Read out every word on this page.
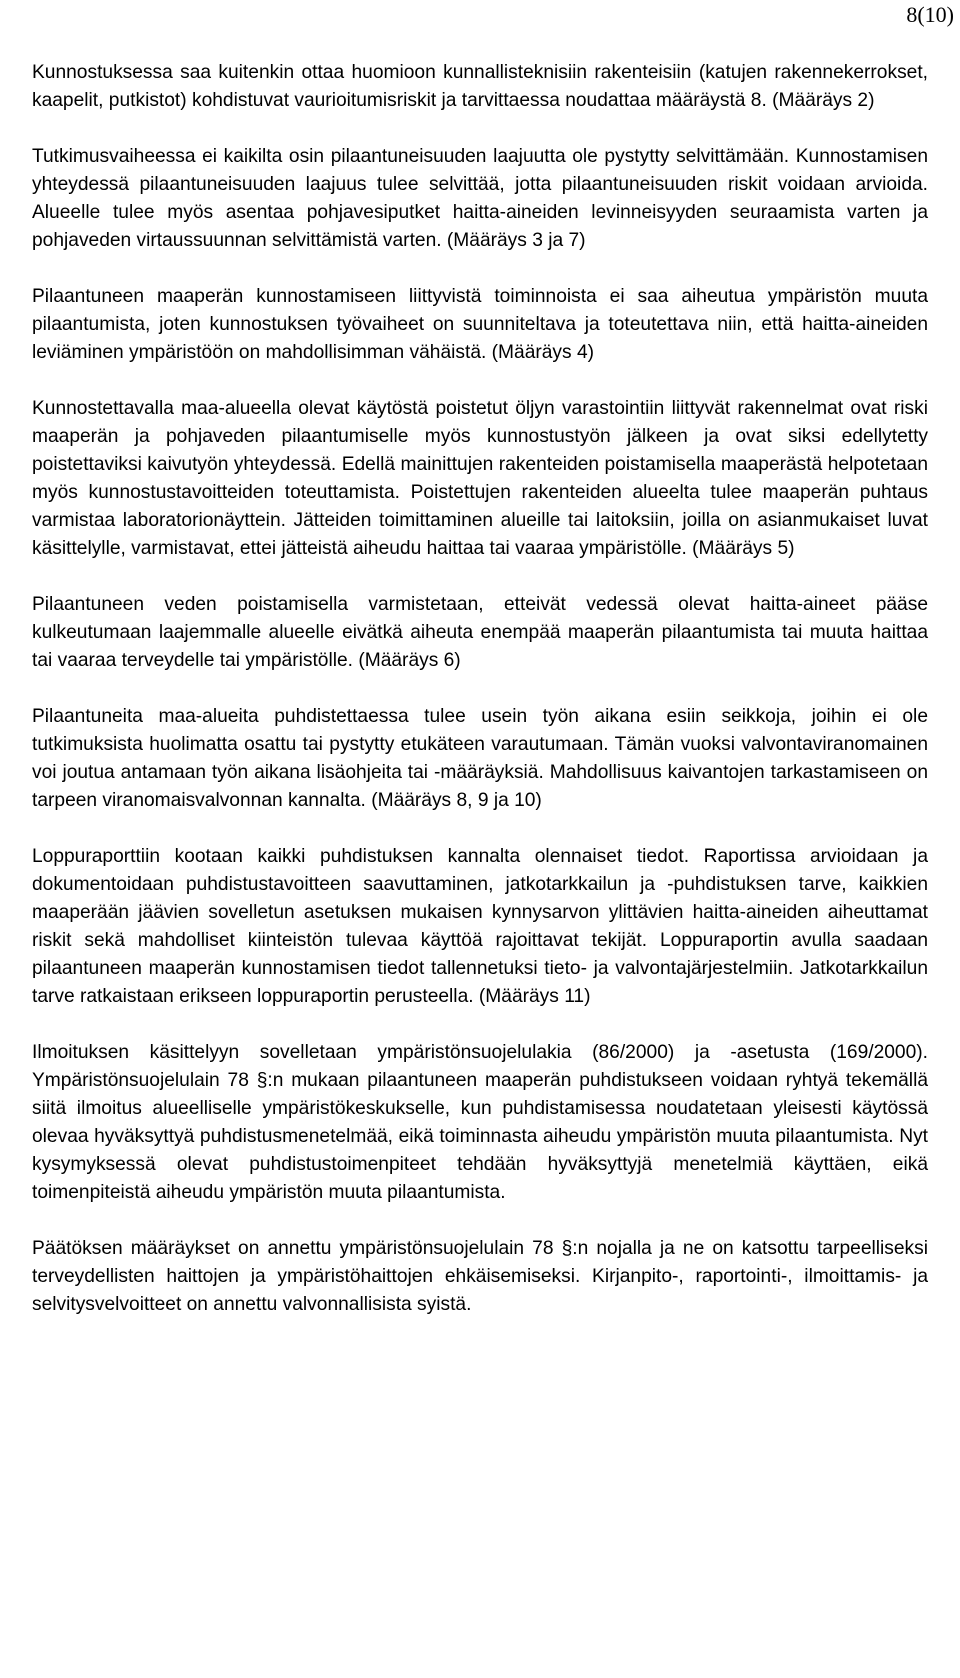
8(10)

Kunnostuksessa saa kuitenkin ottaa huomioon kunnallisteknisiin rakenteisiin (katujen rakennekerrokset, kaapelit, putkistot) kohdistuvat vaurioitumisriskit ja tarvittaessa noudattaa määräystä 8. (Määräys 2)

Tutkimusvaiheessa ei kaikilta osin pilaantuneisuuden laajuutta ole pystytty selvittämään. Kunnostamisen yhteydessä pilaantuneisuuden laajuus tulee selvittää, jotta pilaantuneisuuden riskit voidaan arvioida. Alueelle tulee myös asentaa pohjavesiputket haitta-aineiden levinneisyyden seuraamista varten ja pohjaveden virtaussuunnan selvittämistä varten. (Määräys 3 ja 7)

Pilaantuneen maaperän kunnostamiseen liittyvistä toiminnoista ei saa aiheutua ympäristön muuta pilaantumista, joten kunnostuksen työvaiheet on suunniteltava ja toteutettava niin, että haitta-aineiden leviäminen ympäristöön on mahdollisimman vähäistä. (Määräys 4)

Kunnostettavalla maa-alueella olevat käytöstä poistetut öljyn varastointiin liittyvät rakennelmat ovat riski maaperän ja pohjaveden pilaantumiselle myös kunnostustyön jälkeen ja ovat siksi edellytetty poistettaviksi kaivutyön yhteydessä. Edellä mainittujen rakenteiden poistamisella maaperästä helpotetaan myös kunnostustavoitteiden toteuttamista. Poistettujen rakenteiden alueelta tulee maaperän puhtaus varmistaa laboratorionäyttein. Jätteiden toimittaminen alueille tai laitoksiin, joilla on asianmukaiset luvat käsittelylle, varmistavat, ettei jätteistä aiheudu haittaa tai vaaraa ympäristölle. (Määräys 5)

Pilaantuneen veden poistamisella varmistetaan, etteivät vedessä olevat haitta-aineet pääse kulkeutumaan laajemmalle alueelle eivätkä aiheuta enempää maaperän pilaantumista tai muuta haittaa tai vaaraa terveydelle tai ympäristölle. (Määräys 6)

Pilaantuneita maa-alueita puhdistettaessa tulee usein työn aikana esiin seikkoja, joihin ei ole tutkimuksista huolimatta osattu tai pystytty etukäteen varautumaan. Tämän vuoksi valvontaviranomainen voi joutua antamaan työn aikana lisäohjeita tai -määräyksiä. Mahdollisuus kaivantojen tarkastamiseen on tarpeen viranomaisvalvonnan kannalta. (Määräys 8, 9 ja 10)

Loppuraporttiin kootaan kaikki puhdistuksen kannalta olennaiset tiedot. Raportissa arvioidaan ja dokumentoidaan puhdistustavoitteen saavuttaminen, jatkotarkkailun ja -puhdistuksen tarve, kaikkien maaperään jäävien sovelletun asetuksen mukaisen kynnysarvon ylittävien haitta-aineiden aiheuttamat riskit sekä mahdolliset kiinteistön tulevaa käyttöä rajoittavat tekijät. Loppuraportin avulla saadaan pilaantuneen maaperän kunnostamisen tiedot tallennetuksi tieto- ja valvontajärjestelmiin. Jatkotarkkailun tarve ratkaistaan erikseen loppuraportin perusteella. (Määräys 11)

Ilmoituksen käsittelyyn sovelletaan ympäristönsuojelulakia (86/2000) ja -asetusta (169/2000). Ympäristönsuojelulain 78 §:n mukaan pilaantuneen maaperän puhdistukseen voidaan ryhtyä tekemällä siitä ilmoitus alueelliselle ympäristökeskukselle, kun puhdistamisessa noudatetaan yleisesti käytössä olevaa hyväksyttyä puhdistusmenetelmää, eikä toiminnasta aiheudu ympäristön muuta pilaantumista. Nyt kysymyksessä olevat puhdistustoimenpiteet tehdään hyväksyttyjä menetelmiä käyttäen, eikä toimenpiteistä aiheudu ympäristön muuta pilaantumista.

Päätöksen määräykset on annettu ympäristönsuojelulain 78 §:n nojalla ja ne on katsottu tarpeelliseksi terveydellisten haittojen ja ympäristöhaittojen ehkäisemiseksi. Kirjanpito-, raportointi-, ilmoittamis- ja selvitysvelvoitteet on annettu valvonnallisista syistä.
